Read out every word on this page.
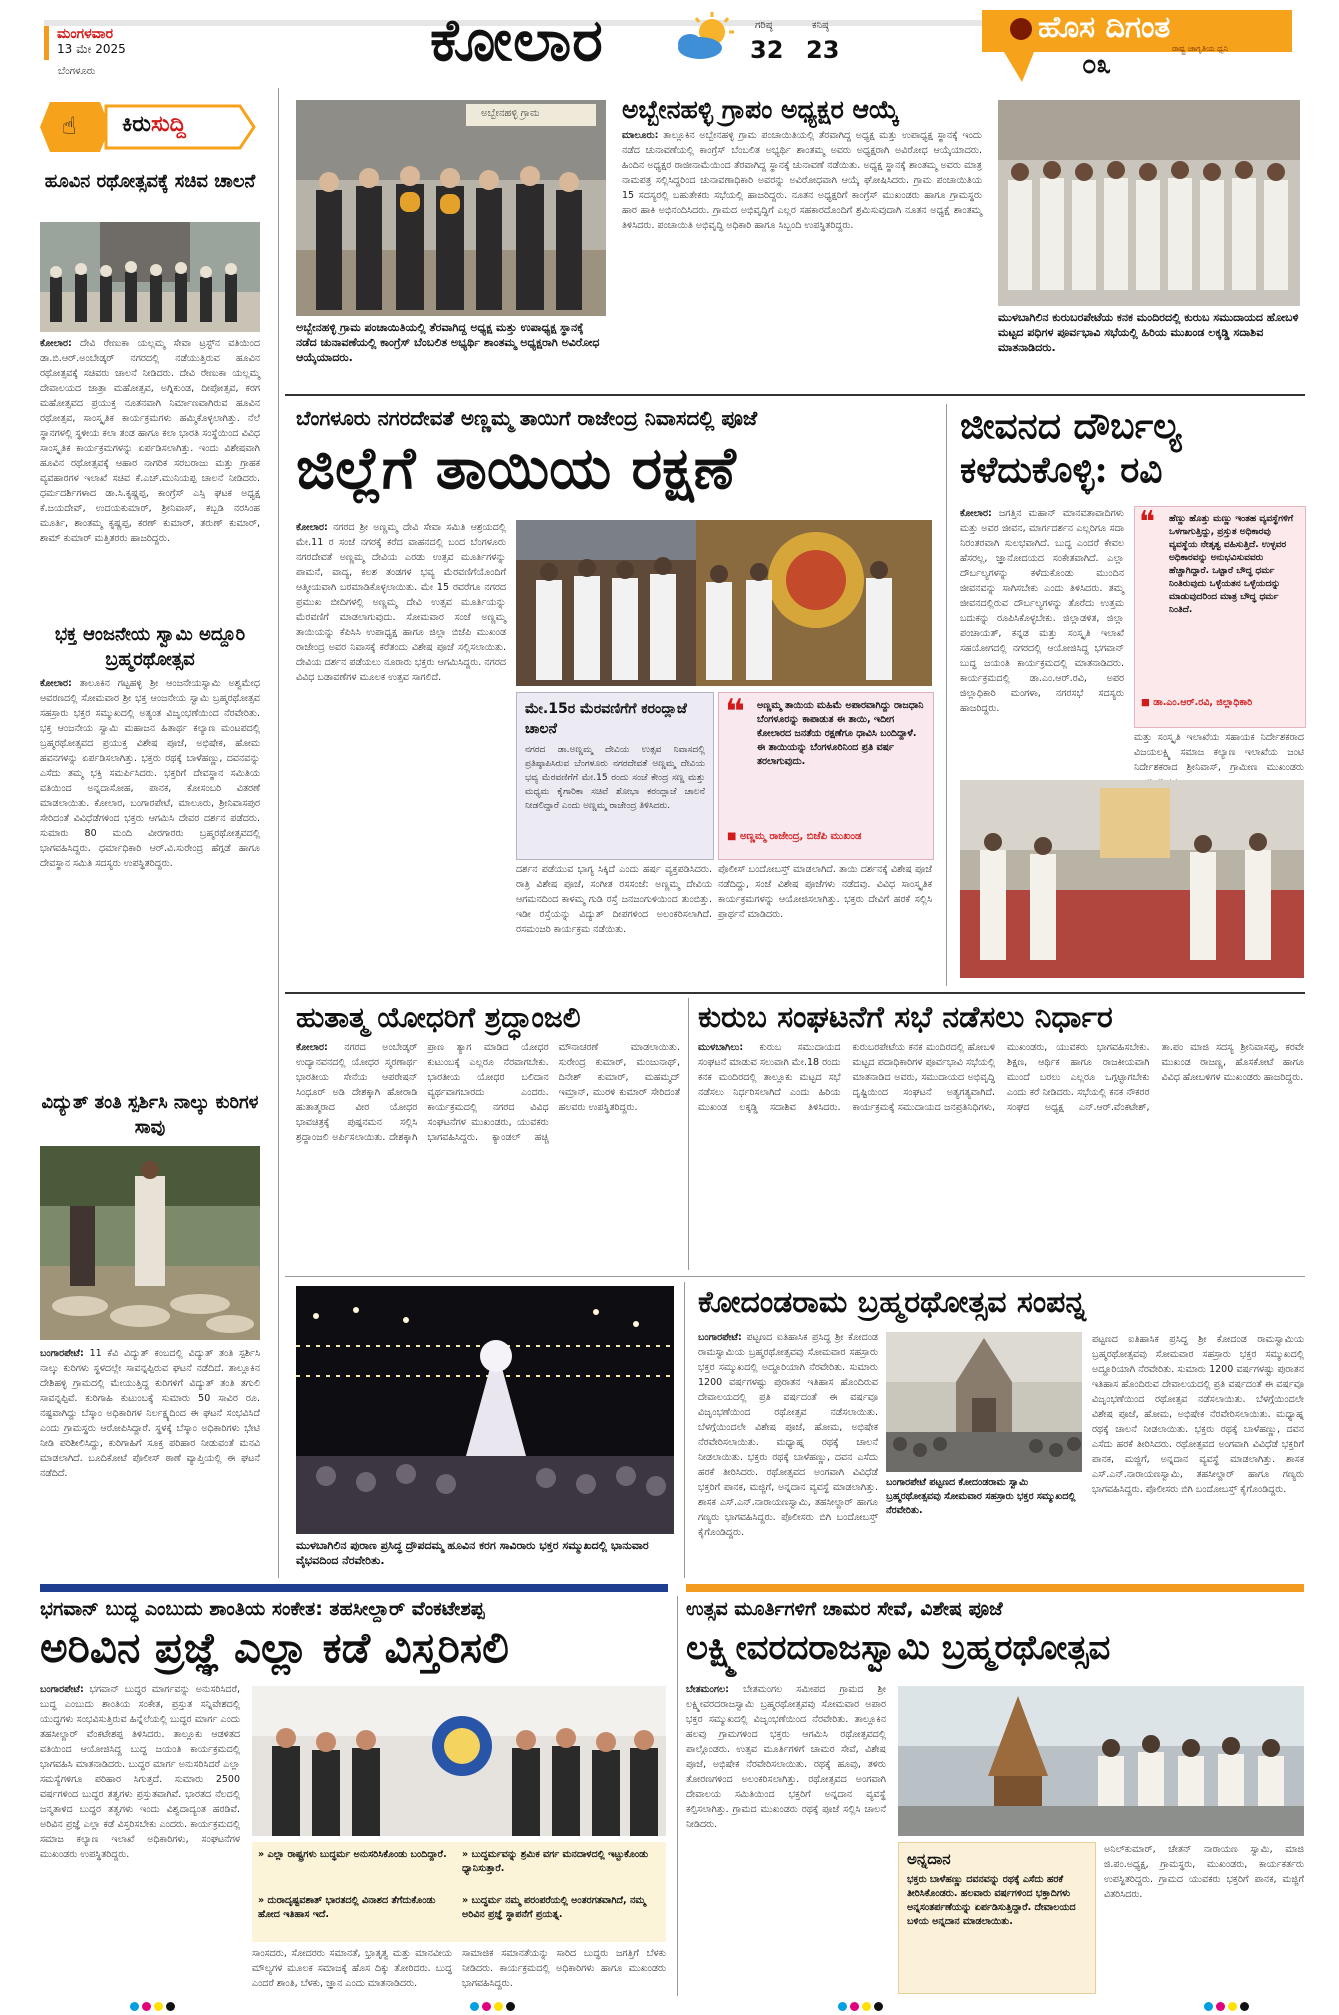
ಮಂಗಳವಾರ
13 ಮೇ 2025
ಬೆಂಗಳೂರು	ಕೋಲಾರ	ಗರಿಷ್ಠ
32
ಕನಿಷ್ಠ
23
ಹೊಸ ದಿಗಂತ
ರಾಷ್ಟ್ರ ಜಾಗೃತಿಯ ಧ್ವನಿ
೦೩
☝ ಕಿರುಸುದ್ದಿ
ಹೂವಿನ ರಥೋತ್ಸವಕ್ಕೆ ಸಚಿವ ಚಾಲನೆ
ಕೋಲಾರ: ದೇವಿ ರೇಣುಕಾ ಯಲ್ಲಮ್ಮ ಸೇವಾ ಟ್ರಸ್ಟ್‌ನ ವತಿಯಿಂದ ಡಾ.ಬಿ.ಆರ್.ಅಂಬೇಡ್ಕರ್ ನಗರದಲ್ಲಿ ನಡೆಯುತ್ತಿರುವ ಹೂವಿನ ರಥೋತ್ಸವಕ್ಕೆ ಸಚಿವರು ಚಾಲನೆ ನೀಡಿದರು. ದೇವಿ ರೇಣುಕಾ ಯಲ್ಲಮ್ಮ ದೇವಾಲಯದ ಜಾತ್ರಾ ಮಹೋತ್ಸವ, ಅಗ್ನಿಕುಂಡ, ದೀಪೋತ್ಸವ, ಕರಗ ಮಹೋತ್ಸವದ ಪ್ರಯುಕ್ತ ನೂತನವಾಗಿ ನಿರ್ಮಾಣವಾಗಿರುವ ಹೂವಿನ ರಥೋತ್ಸವ, ಸಾಂಸ್ಕೃತಿಕ ಕಾರ್ಯಕ್ರಮಗಳು ಹಮ್ಮಿಕೊಳ್ಳಲಾಗಿತ್ತು. ನೆಲೆ ಸ್ಥಾನಗಳಲ್ಲಿ ಸ್ಥಳೀಯ ಕಲಾ ತಂಡ ಹಾಗೂ ಕಲಾ ಭಾರತಿ ಸಂಸ್ಥೆಯಿಂದ ವಿವಿಧ ಸಾಂಸ್ಕೃತಿಕ ಕಾರ್ಯಕ್ರಮಗಳನ್ನು ಏರ್ಪಡಿಸಲಾಗಿತ್ತು. ಇಂದು ವಿಶೇಷವಾಗಿ ಹೂವಿನ ರಥೋತ್ಸವಕ್ಕೆ ಆಹಾರ ನಾಗರಿಕ ಸರಬರಾಜು ಮತ್ತು ಗ್ರಾಹಕ ವ್ಯವಹಾರಗಳ ಇಲಾಖೆ ಸಚಿವ ಕೆ.ಎಚ್.ಮುನಿಯಪ್ಪ ಚಾಲನೆ ನೀಡಿದರು. ಧರ್ಮದರ್ಶಿಗಳಾದ ಡಾ.ಸಿ.ಕೃಷ್ಣಪ್ಪ, ಕಾಂಗ್ರೆಸ್ ಎಸ್ಸಿ ಘಟಕ ಅಧ್ಯಕ್ಷ ಕೆ.ಜಯದೇವ್, ಉದಯಕುಮಾರ್, ಶ್ರೀನಿವಾಸ್, ಕಬ್ಬಡಿ ನರಸಿಂಹ ಮೂರ್ತಿ, ಶಾಂತಮ್ಮ ಕೃಷ್ಣಪ್ಪ, ಕರಣ್ ಕುಮಾರ್, ತರುಣ್ ಕುಮಾರ್, ಶಾಮ್ ಕುಮಾರ್ ಮತ್ತಿತರರು ಹಾಜರಿದ್ದರು.
ಭಕ್ತ ಆಂಜನೇಯ ಸ್ವಾಮಿ ಅದ್ದೂರಿ ಬ್ರಹ್ಮರಥೋತ್ಸವ
ಕೋಲಾರ: ತಾಲೂಕಿನ ಗಟ್ಟಹಳ್ಳಿ ಶ್ರೀ ಆಂಜನೇಯಸ್ವಾಮಿ ಅಶ್ವಮೇಧ ಆವರಣದಲ್ಲಿ ಸೋಮವಾರ ಶ್ರೀ ಭಕ್ತ ಆಂಜನೇಯ ಸ್ವಾಮಿ ಬ್ರಹ್ಮರಥೋತ್ಸವ ಸಹಸ್ರಾರು ಭಕ್ತರ ಸಮ್ಮುಖದಲ್ಲಿ ಅತ್ಯಂತ ವಿಜೃಂಭಣೆಯಿಂದ ನೆರವೇರಿತು. ಭಕ್ತ ಆಂಜನೇಯ ಸ್ವಾಮಿ ಮಹಾಜನ ಹಿತಾರ್ಥ ಕಲ್ಯಾಣ ಮಂಟಪದಲ್ಲಿ ಬ್ರಹ್ಮರಥೋತ್ಸವದ ಪ್ರಯುಕ್ತ ವಿಶೇಷ ಪೂಜೆ, ಅಭಿಷೇಕ, ಹೋಮ ಹವನಗಳನ್ನು ಏರ್ಪಡಿಸಲಾಗಿತ್ತು. ಭಕ್ತರು ರಥಕ್ಕೆ ಬಾಳೆಹಣ್ಣು, ದವನವನ್ನು ಎಸೆದು ತಮ್ಮ ಭಕ್ತಿ ಸಮರ್ಪಿಸಿದರು. ಭಕ್ತರಿಗೆ ದೇವಸ್ಥಾನ ಸಮಿತಿಯ ವತಿಯಿಂದ ಅನ್ನದಾಸೋಹ, ಪಾನಕ, ಕೋಸಂಬರಿ ವಿತರಣೆ ಮಾಡಲಾಯಿತು. ಕೋಲಾರ, ಬಂಗಾರಪೇಟೆ, ಮಾಲೂರು, ಶ್ರೀನಿವಾಸಪುರ ಸೇರಿದಂತೆ ವಿವಿಧೆಡೆಗಳಿಂದ ಭಕ್ತರು ಆಗಮಿಸಿ ದೇವರ ದರ್ಶನ ಪಡೆದರು. ಸುಮಾರು 80 ಮಂದಿ ವೀರಗಾರರು ಬ್ರಹ್ಮರಥೋತ್ಸವದಲ್ಲಿ ಭಾಗವಹಿಸಿದ್ದರು. ಧರ್ಮಾಧಿಕಾರಿ ಆರ್.ವಿ.ಸುರೇಂದ್ರ ಹೆಗ್ಗಡೆ ಹಾಗೂ ದೇವಸ್ಥಾನ ಸಮಿತಿ ಸದಸ್ಯರು ಉಪಸ್ಥಿತರಿದ್ದರು.
ವಿದ್ಯುತ್ ತಂತಿ ಸ್ಪರ್ಶಿಸಿ ನಾಲ್ಕು ಕುರಿಗಳ ಸಾವು
ಬಂಗಾರಪೇಟೆ: 11 ಕೆವಿ ವಿದ್ಯುತ್ ಕಂಬದಲ್ಲಿ ವಿದ್ಯುತ್ ತಂತಿ ಸ್ಪರ್ಶಿಸಿ ನಾಲ್ಕು ಕುರಿಗಳು ಸ್ಥಳದಲ್ಲೇ ಸಾವನ್ನಪ್ಪಿರುವ ಘಟನೆ ನಡೆದಿದೆ. ತಾಲ್ಲೂಕಿನ ದೇಶಿಹಳ್ಳಿ ಗ್ರಾಮದಲ್ಲಿ ಮೇಯುತ್ತಿದ್ದ ಕುರಿಗಳಿಗೆ ವಿದ್ಯುತ್ ತಂತಿ ತಗುಲಿ ಸಾವನ್ನಪ್ಪಿವೆ. ಕುರಿಗಾಹಿ ಕುಟುಂಬಕ್ಕೆ ಸುಮಾರು 50 ಸಾವಿರ ರೂ. ನಷ್ಟವಾಗಿದ್ದು ಬೆಸ್ಕಾಂ ಅಧಿಕಾರಿಗಳ ನಿರ್ಲಕ್ಷ್ಯದಿಂದ ಈ ಘಟನೆ ಸಂಭವಿಸಿದೆ ಎಂದು ಗ್ರಾಮಸ್ಥರು ಆರೋಪಿಸಿದ್ದಾರೆ. ಸ್ಥಳಕ್ಕೆ ಬೆಸ್ಕಾಂ ಅಧಿಕಾರಿಗಳು ಭೇಟಿ ನೀಡಿ ಪರಿಶೀಲಿಸಿದ್ದು, ಕುರಿಗಾಹಿಗೆ ಸೂಕ್ತ ಪರಿಹಾರ ನೀಡುವಂತೆ ಮನವಿ ಮಾಡಲಾಗಿದೆ. ಬೂದಿಕೋಟೆ ಪೊಲೀಸ್ ಠಾಣೆ ವ್ಯಾಪ್ತಿಯಲ್ಲಿ ಈ ಘಟನೆ ನಡೆದಿದೆ.
ಅಬ್ಬೇನಹಳ್ಳಿ ಗ್ರಾಮ
ಅಬ್ಬೇನಹಳ್ಳಿ ಗ್ರಾಮ ಪಂಚಾಯಿತಿಯಲ್ಲಿ ತೆರವಾಗಿದ್ದ ಅಧ್ಯಕ್ಷ ಮತ್ತು ಉಪಾಧ್ಯಕ್ಷ ಸ್ಥಾನಕ್ಕೆ ನಡೆದ ಚುನಾವಣೆಯಲ್ಲಿ ಕಾಂಗ್ರೆಸ್ ಬೆಂಬಲಿತ ಅಭ್ಯರ್ಥಿ ಶಾಂತಮ್ಮ ಅಧ್ಯಕ್ಷರಾಗಿ ಅವಿರೋಧ ಆಯ್ಕೆಯಾದರು.
ಅಬ್ಬೇನಹಳ್ಳಿ ಗ್ರಾಪಂ ಅಧ್ಯಕ್ಷರ ಆಯ್ಕೆ
ಮಾಲೂರು: ತಾಲ್ಲೂಕಿನ ಅಬ್ಬೇನಹಳ್ಳಿ ಗ್ರಾಮ ಪಂಚಾಯಿತಿಯಲ್ಲಿ ತೆರವಾಗಿದ್ದ ಅಧ್ಯಕ್ಷ ಮತ್ತು ಉಪಾಧ್ಯಕ್ಷ ಸ್ಥಾನಕ್ಕೆ ಇಂದು ನಡೆದ ಚುನಾವಣೆಯಲ್ಲಿ ಕಾಂಗ್ರೆಸ್ ಬೆಂಬಲಿತ ಅಭ್ಯರ್ಥಿ ಶಾಂತಮ್ಮ ಅವರು ಅಧ್ಯಕ್ಷರಾಗಿ ಅವಿರೋಧ ಆಯ್ಕೆಯಾದರು. ಹಿಂದಿನ ಅಧ್ಯಕ್ಷರ ರಾಜೀನಾಮೆಯಿಂದ ತೆರವಾಗಿದ್ದ ಸ್ಥಾನಕ್ಕೆ ಚುನಾವಣೆ ನಡೆಯಿತು. ಅಧ್ಯಕ್ಷ ಸ್ಥಾನಕ್ಕೆ ಶಾಂತಮ್ಮ ಅವರು ಮಾತ್ರ ನಾಮಪತ್ರ ಸಲ್ಲಿಸಿದ್ದರಿಂದ ಚುನಾವಣಾಧಿಕಾರಿ ಅವರನ್ನು ಅವಿರೋಧವಾಗಿ ಆಯ್ಕೆ ಘೋಷಿಸಿದರು. ಗ್ರಾಮ ಪಂಚಾಯಿತಿಯ 15 ಸದಸ್ಯರಲ್ಲಿ ಬಹುತೇಕರು ಸಭೆಯಲ್ಲಿ ಹಾಜರಿದ್ದರು. ನೂತನ ಅಧ್ಯಕ್ಷರಿಗೆ ಕಾಂಗ್ರೆಸ್ ಮುಖಂಡರು ಹಾಗೂ ಗ್ರಾಮಸ್ಥರು ಹಾರ ಹಾಕಿ ಅಭಿನಂದಿಸಿದರು. ಗ್ರಾಮದ ಅಭಿವೃದ್ಧಿಗೆ ಎಲ್ಲರ ಸಹಕಾರದೊಂದಿಗೆ ಶ್ರಮಿಸುವುದಾಗಿ ನೂತನ ಅಧ್ಯಕ್ಷೆ ಶಾಂತಮ್ಮ ತಿಳಿಸಿದರು. ಪಂಚಾಯಿತಿ ಅಭಿವೃದ್ಧಿ ಅಧಿಕಾರಿ ಹಾಗೂ ಸಿಬ್ಬಂದಿ ಉಪಸ್ಥಿತರಿದ್ದರು.
ಮುಳಬಾಗಿಲಿನ ಕುರುಬರಪೇಟೆಯ ಕನಕ ಮಂದಿರದಲ್ಲಿ ಕುರುಬ ಸಮುದಾಯದ ಹೋಬಳಿ ಮಟ್ಟದ ಪಧಿಗಳ ಪೂರ್ವಭಾವಿ ಸಭೆಯಲ್ಲಿ ಹಿರಿಯ ಮುಖಂಡ ಲಕ್ಕಡ್ಡಿ ಸದಾಶಿವ ಮಾತನಾಡಿದರು.
ಬೆಂಗಳೂರು ನಗರದೇವತೆ ಅಣ್ಣಮ್ಮ ತಾಯಿಗೆ ರಾಜೇಂದ್ರ ನಿವಾಸದಲ್ಲಿ ಪೂಜೆ
ಜಿಲ್ಲೆಗೆ ತಾಯಿಯ ರಕ್ಷಣೆ
ಕೋಲಾರ: ನಗರದ ಶ್ರೀ ಅಣ್ಣಮ್ಮ ದೇವಿ ಸೇವಾ ಸಮಿತಿ ಆಶ್ರಯದಲ್ಲಿ ಮೇ.11 ರ ಸಂಜೆ ನಗರಕ್ಕೆ ಕರೆದ ವಾಹನದಲ್ಲಿ ಬಂದ ಬೆಂಗಳೂರು ನಗರದೇವತೆ ಅಣ್ಣಮ್ಮ ದೇವಿಯ ಎರಡು ಉತ್ಸವ ಮೂರ್ತಿಗಳನ್ನು ಪಾಮನೆ, ವಾದ್ಯ, ಕಲಶ ತಂಡಗಳ ಭವ್ಯ ಮೆರವಣಿಗೆಯೊಂದಿಗೆ ಆತ್ಮೀಯವಾಗಿ ಬರಮಾಡಿಕೊಳ್ಳಲಾಯಿತು. ಮೇ 15 ರವರೆಗೂ ನಗರದ ಪ್ರಮುಖ ಬೀದಿಗಳಲ್ಲಿ ಅಣ್ಣಮ್ಮ ದೇವಿ ಉತ್ಸವ ಮೂರ್ತಿಯನ್ನು ಮೆರವಣಿಗೆ ಮಾಡಲಾಗುವುದು. ಸೋಮವಾರ ಸಂಜೆ ಅಣ್ಣಮ್ಮ ತಾಯಿಯನ್ನು ಕೆಪಿಸಿಸಿ ಉಪಾಧ್ಯಕ್ಷ ಹಾಗೂ ಜಿಲ್ಲಾ ಬಿಜೆಪಿ ಮುಖಂಡ ರಾಜೇಂದ್ರ ಅವರ ನಿವಾಸಕ್ಕೆ ಕರೆತಂದು ವಿಶೇಷ ಪೂಜೆ ಸಲ್ಲಿಸಲಾಯಿತು. ದೇವಿಯ ದರ್ಶನ ಪಡೆಯಲು ನೂರಾರು ಭಕ್ತರು ಆಗಮಿಸಿದ್ದರು. ನಗರದ ವಿವಿಧ ಬಡಾವಣೆಗಳ ಮೂಲಕ ಉತ್ಸವ ಸಾಗಲಿದೆ.
ಮೇ.15ರ ಮೆರವಣಿಗೆಗೆ ಕರಂದ್ಲಾಜೆ ಚಾಲನೆ
ನಗರದ ಡಾ.ಅಣ್ಣಮ್ಮ ದೇವಿಯ ಉತ್ಸವ ನಿವಾಸದಲ್ಲಿ ಪ್ರತಿಷ್ಠಾಪಿಸಿರುವ ಬೆಂಗಳೂರು ನಗರದೇವತೆ ಅಣ್ಣಮ್ಮ ದೇವಿಯ ಭವ್ಯ ಮೆರವಣಿಗೆಗೆ ಮೇ.15 ರಂದು ಸಂಜೆ ಕೇಂದ್ರ ಸಣ್ಣ ಮತ್ತು ಮಧ್ಯಮ ಕೈಗಾರಿಕಾ ಸಚಿವೆ ಶೋಭಾ ಕರಂದ್ಲಾಜೆ ಚಾಲನೆ ನೀಡಲಿದ್ದಾರೆ ಎಂದು ಅಣ್ಣಮ್ಮ ರಾಜೇಂದ್ರ ತಿಳಿಸಿದರು.
❝ ಅಣ್ಣಮ್ಮ ತಾಯಿಯ ಮಹಿಮೆ ಅಪಾರವಾಗಿದ್ದು ರಾಜಧಾನಿ ಬೆಂಗಳೂರನ್ನು ಕಾಪಾಡುತ ಈ ತಾಯಿ, ಇದೀಗ ಕೋಲಾರದ ಜನತೆಯ ರಕ್ಷಣೆಗೂ ಧಾವಿಸಿ ಬಂದಿದ್ದಾಳೆ. ಈ ತಾಯಿಯನ್ನು ಬೆಂಗಳೂರಿನಿಂದ ಪ್ರತಿ ವರ್ಷ ತರಲಾಗುವುದು.
■ ಅಣ್ಣಮ್ಮ ರಾಜೇಂದ್ರ, ಬಿಜೆಪಿ ಮುಖಂಡ
ದರ್ಶನ ಪಡೆಯುವ ಭಾಗ್ಯ ಸಿಕ್ಕಿದೆ ಎಂದು ಹರ್ಷ ವ್ಯಕ್ತಪಡಿಸಿದರು. ರಾತ್ರಿ ವಿಶೇಷ ಪೂಜೆ, ಸಂಗೀತ ರಸಸಂಜೆ: ಅಣ್ಣಮ್ಮ ದೇವಿಯ ಆಗಮನದಿಂದ ಕಾಳಮ್ಮ ಗುಡಿ ರಸ್ತೆ ಜನಜಂಗುಳಿಯಿಂದ ತುಂಬಿತ್ತು. ಇಡೀ ರಸ್ತೆಯನ್ನು ವಿದ್ಯುತ್ ದೀಪಗಳಿಂದ ಅಲಂಕರಿಸಲಾಗಿದೆ. ರಸಮಂಜರಿ ಕಾರ್ಯಕ್ರಮ ನಡೆಯಿತು.
ಪೊಲೀಸ್ ಬಂದೋಬಸ್ತ್ ಮಾಡಲಾಗಿದೆ. ತಾಯಿ ದರ್ಶನಕ್ಕೆ ವಿಶೇಷ ಪೂಜೆ ನಡೆದಿದ್ದು, ಸಂಜೆ ವಿಶೇಷ ಪೂಜೆಗಳು ನಡೆದವು. ವಿವಿಧ ಸಾಂಸ್ಕೃತಿಕ ಕಾರ್ಯಕ್ರಮಗಳನ್ನು ಆಯೋಜಿಸಲಾಗಿತ್ತು. ಭಕ್ತರು ದೇವಿಗೆ ಹರಕೆ ಸಲ್ಲಿಸಿ ಪ್ರಾರ್ಥನೆ ಮಾಡಿದರು.
ಜೀವನದ ದೌರ್ಬಲ್ಯ ಕಳೆದುಕೊಳ್ಳಿ: ರವಿ
ಕೋಲಾರ: ಜಗತ್ತಿನ ಮಹಾನ್ ಮಾನವತಾವಾದಿಗಳು ಮತ್ತು ಅವರ ಜೀವನ, ಮಾರ್ಗದರ್ಶನ ಎಲ್ಲರಿಗೂ ಸದಾ ನಿರಂತರವಾಗಿ ಸುಲಭವಾಗಿದೆ. ಬುದ್ಧ ಎಂದರೆ ಕೇವಲ ಹೆಸರಲ್ಲ, ಜ್ಞಾನೋದಯದ ಸಂಕೇತವಾಗಿದೆ. ಎಲ್ಲಾ ದೌರ್ಬಲ್ಯಗಳನ್ನು ಕಳೆದುಕೊಂಡು ಮುಂದಿನ ಜೀವನವನ್ನು ಸಾಗಿಸಬೇಕು ಎಂದು ತಿಳಿಸಿದರು. ತಮ್ಮ ಜೀವನದಲ್ಲಿರುವ ದೌರ್ಬಲ್ಯಗಳನ್ನು ತೊರೆದು ಉತ್ತಮ ಬದುಕನ್ನು ರೂಪಿಸಿಕೊಳ್ಳಬೇಕು. ಜಿಲ್ಲಾಡಳಿತ, ಜಿಲ್ಲಾ ಪಂಚಾಯತ್, ಕನ್ನಡ ಮತ್ತು ಸಂಸ್ಕೃತಿ ಇಲಾಖೆ ಸಹಯೋಗದಲ್ಲಿ ನಗರದಲ್ಲಿ ಆಯೋಜಿಸಿದ್ದ ಭಗವಾನ್ ಬುದ್ಧ ಜಯಂತಿ ಕಾರ್ಯಕ್ರಮದಲ್ಲಿ ಮಾತನಾಡಿದರು. ಕಾರ್ಯಕ್ರಮದಲ್ಲಿ ಡಾ.ಎಂ.ಆರ್.ರವಿ, ಅಪರ ಜಿಲ್ಲಾಧಿಕಾರಿ ಮಂಗಳಾ, ನಗರಸಭೆ ಸದಸ್ಯರು ಹಾಜರಿದ್ದರು.
❝ ಹೆಣ್ಣು ಹೊತ್ತು ಮಣ್ಣು ಇಂತಹ ವ್ಯವಸ್ಥೆಗಳಿಗೆ ಒಳಗಾಗುತ್ತಿದ್ದು, ಪ್ರಸ್ತುತ ಅಧಿಕಾರವು ವ್ಯವಸ್ಥೆಯ ನೇತೃತ್ವ ವಹಿಸುತ್ತಿದೆ. ಉಳ್ಳವರ ಅಧಿಕಾರವನ್ನು ಅನುಭವಿಸುವವರು ಹೆಚ್ಚಾಗಿದ್ದಾರೆ. ಒಟ್ಟಾರೆ ಬೌದ್ಧ ಧರ್ಮ ನಿಂತಿರುವುದು ಒಳ್ಳೆಯತನ ಒಳ್ಳೆಯದನ್ನು ಮಾಡುವುದರಿಂದ ಮಾತ್ರ ಬೌದ್ಧ ಧರ್ಮ ನಿಂತಿದೆ.
■ ಡಾ.ಎಂ.ಆರ್.ರವಿ, ಜಿಲ್ಲಾಧಿಕಾರಿ
ಮತ್ತು ಸಂಸ್ಕೃತಿ ಇಲಾಖೆಯ ಸಹಾಯಕ ನಿರ್ದೇಶಕರಾದ ವಿಜಯಲಕ್ಷ್ಮಿ ಸಮಾಜ ಕಲ್ಯಾಣ ಇಲಾಖೆಯ ಜಂಟಿ ನಿರ್ದೇಶಕರಾದ ಶ್ರೀನಿವಾಸ್, ಗ್ರಾಮೀಣ ಮುಖಂಡರು
ಹುತಾತ್ಮ ಯೋಧರಿಗೆ ಶ್ರದ್ಧಾಂಜಲಿ
ಕೋಲಾರ: ನಗರದ ಅಂಬೇಡ್ಕರ್ ಉದ್ಯಾನವನದಲ್ಲಿ ಯೋಧರ ಸ್ಮರಣಾರ್ಥ ಭಾರತೀಯ ಸೇನೆಯ ಆಪರೇಷನ್ ಸಿಂಧೂರ್ ಅಡಿ ದೇಶಕ್ಕಾಗಿ ಹೋರಾಡಿ ಹುತಾತ್ಮರಾದ ವೀರ ಯೋಧರ ಭಾವಚಿತ್ರಕ್ಕೆ ಪುಷ್ಪನಮನ ಸಲ್ಲಿಸಿ ಶ್ರದ್ಧಾಂಜಲಿ ಅರ್ಪಿಸಲಾಯಿತು. ದೇಶಕ್ಕಾಗಿ ಪ್ರಾಣ ತ್ಯಾಗ ಮಾಡಿದ ಯೋಧರ ಕುಟುಂಬಕ್ಕೆ ಎಲ್ಲರೂ ನೆರವಾಗಬೇಕು. ಭಾರತೀಯ ಯೋಧರ ಬಲಿದಾನ ವ್ಯರ್ಥವಾಗಬಾರದು ಎಂದರು. ಕಾರ್ಯಕ್ರಮದಲ್ಲಿ ನಗರದ ವಿವಿಧ ಸಂಘಟನೆಗಳ ಮುಖಂಡರು, ಯುವಕರು ಭಾಗವಹಿಸಿದ್ದರು. ಕ್ಯಾಂಡಲ್ ಹಚ್ಚಿ ಮೌನಾಚರಣೆ ಮಾಡಲಾಯಿತು. ಸುರೇಂದ್ರ ಕುಮಾರ್, ಮಂಜುನಾಥ್, ದಿನೇಶ್ ಕುಮಾರ್, ಮಹಮ್ಮದ್ ಇಮ್ರಾನ್, ಮುರಳಿ ಕುಮಾರ್ ಸೇರಿದಂತೆ ಹಲವರು ಉಪಸ್ಥಿತರಿದ್ದರು.
ಕುರುಬ ಸಂಘಟನೆಗೆ ಸಭೆ ನಡೆಸಲು ನಿರ್ಧಾರ
ಮುಳಬಾಗಿಲು: ಕುರುಬ ಸಮುದಾಯದ ಸಂಘಟನೆ ಮಾಡುವ ಸಲುವಾಗಿ ಮೇ.18 ರಂದು ಕನಕ ಮಂದಿರದಲ್ಲಿ ತಾಲ್ಲೂಕು ಮಟ್ಟದ ಸಭೆ ನಡೆಸಲು ನಿರ್ಧರಿಸಲಾಗಿದೆ ಎಂದು ಹಿರಿಯ ಮುಖಂಡ ಲಕ್ಕಡ್ಡಿ ಸದಾಶಿವ ತಿಳಿಸಿದರು. ಕುರುಬರಪೇಟೆಯ ಕನಕ ಮಂದಿರದಲ್ಲಿ ಹೋಬಳಿ ಮಟ್ಟದ ಪದಾಧಿಕಾರಿಗಳ ಪೂರ್ವಭಾವಿ ಸಭೆಯಲ್ಲಿ ಮಾತನಾಡಿದ ಅವರು, ಸಮುದಾಯದ ಅಭಿವೃದ್ಧಿ ದೃಷ್ಟಿಯಿಂದ ಸಂಘಟನೆ ಅತ್ಯಗತ್ಯವಾಗಿದೆ. ಕಾರ್ಯಕ್ರಮಕ್ಕೆ ಸಮುದಾಯದ ಜನಪ್ರತಿನಿಧಿಗಳು, ಮುಖಂಡರು, ಯುವಕರು ಭಾಗವಹಿಸಬೇಕು. ಶಿಕ್ಷಣ, ಆರ್ಥಿಕ ಹಾಗೂ ರಾಜಕೀಯವಾಗಿ ಮುಂದೆ ಬರಲು ಎಲ್ಲರೂ ಒಗ್ಗಟ್ಟಾಗಬೇಕು ಎಂದು ಕರೆ ನೀಡಿದರು. ಸಭೆಯಲ್ಲಿ ಕನಕ ನೌಕರರ ಸಂಘದ ಅಧ್ಯಕ್ಷ ಎನ್.ಆರ್.ವೆಂಕಟೇಶ್, ತಾ.ಪಂ ಮಾಜಿ ಸದಸ್ಯ ಶ್ರೀನಿವಾಸಪ್ಪ, ಕರವೇ ಮುಖಂಡ ರಾಜಣ್ಣ, ಹೊಸಕೋಟೆ ಹಾಗೂ ವಿವಿಧ ಹೋಬಳಿಗಳ ಮುಖಂಡರು ಹಾಜರಿದ್ದರು.
ಮುಳಬಾಗಿಲಿನ ಪುರಾಣ ಪ್ರಸಿದ್ಧ ದ್ರೌಪದಮ್ಮ ಹೂವಿನ ಕರಗ ಸಾವಿರಾರು ಭಕ್ತರ ಸಮ್ಮುಖದಲ್ಲಿ ಭಾನುವಾರ ವೈಭವದಿಂದ ನೆರವೇರಿತು.
ಕೋದಂಡರಾಮ ಬ್ರಹ್ಮರಥೋತ್ಸವ ಸಂಪನ್ನ
ಬಂಗಾರಪೇಟೆ: ಪಟ್ಟಣದ ಐತಿಹಾಸಿಕ ಪ್ರಸಿದ್ಧ ಶ್ರೀ ಕೋದಂಡ ರಾಮಸ್ವಾಮಿಯ ಬ್ರಹ್ಮರಥೋತ್ಸವವು ಸೋಮವಾರ ಸಹಸ್ರಾರು ಭಕ್ತರ ಸಮ್ಮುಖದಲ್ಲಿ ಅದ್ದೂರಿಯಾಗಿ ನೆರವೇರಿತು. ಸುಮಾರು 1200 ವರ್ಷಗಳಷ್ಟು ಪುರಾತನ ಇತಿಹಾಸ ಹೊಂದಿರುವ ದೇವಾಲಯದಲ್ಲಿ ಪ್ರತಿ ವರ್ಷದಂತೆ ಈ ವರ್ಷವೂ ವಿಜೃಂಭಣೆಯಿಂದ ರಥೋತ್ಸವ ನಡೆಸಲಾಯಿತು. ಬೆಳಗ್ಗೆಯಿಂದಲೇ ವಿಶೇಷ ಪೂಜೆ, ಹೋಮ, ಅಭಿಷೇಕ ನೆರವೇರಿಸಲಾಯಿತು. ಮಧ್ಯಾಹ್ನ ರಥಕ್ಕೆ ಚಾಲನೆ ನೀಡಲಾಯಿತು. ಭಕ್ತರು ರಥಕ್ಕೆ ಬಾಳೆಹಣ್ಣು, ದವನ ಎಸೆದು ಹರಕೆ ತೀರಿಸಿದರು. ರಥೋತ್ಸವದ ಅಂಗವಾಗಿ ವಿವಿಧೆಡೆ ಭಕ್ತರಿಗೆ ಪಾನಕ, ಮಜ್ಜಿಗೆ, ಅನ್ನದಾನ ವ್ಯವಸ್ಥೆ ಮಾಡಲಾಗಿತ್ತು. ಶಾಸಕ ಎಸ್.ಎನ್.ನಾರಾಯಣಸ್ವಾಮಿ, ತಹಸೀಲ್ದಾರ್ ಹಾಗೂ ಗಣ್ಯರು ಭಾಗವಹಿಸಿದ್ದರು. ಪೊಲೀಸರು ಬಿಗಿ ಬಂದೋಬಸ್ತ್ ಕೈಗೊಂಡಿದ್ದರು.
ಬಂಗಾರಪೇಟೆ ಪಟ್ಟಣದ ಕೋದಂಡರಾಮ ಸ್ವಾಮಿ ಬ್ರಹ್ಮರಥೋತ್ಸವವು ಸೋಮವಾರ ಸಹಸ್ರಾರು ಭಕ್ತರ ಸಮ್ಮುಖದಲ್ಲಿ ನೆರವೇರಿತು.
ಪಟ್ಟಣದ ಐತಿಹಾಸಿಕ ಪ್ರಸಿದ್ಧ ಶ್ರೀ ಕೋದಂಡ ರಾಮಸ್ವಾಮಿಯ ಬ್ರಹ್ಮರಥೋತ್ಸವವು ಸೋಮವಾರ ಸಹಸ್ರಾರು ಭಕ್ತರ ಸಮ್ಮುಖದಲ್ಲಿ ಅದ್ದೂರಿಯಾಗಿ ನೆರವೇರಿತು. ಸುಮಾರು 1200 ವರ್ಷಗಳಷ್ಟು ಪುರಾತನ ಇತಿಹಾಸ ಹೊಂದಿರುವ ದೇವಾಲಯದಲ್ಲಿ ಪ್ರತಿ ವರ್ಷದಂತೆ ಈ ವರ್ಷವೂ ವಿಜೃಂಭಣೆಯಿಂದ ರಥೋತ್ಸವ ನಡೆಸಲಾಯಿತು. ಬೆಳಗ್ಗೆಯಿಂದಲೇ ವಿಶೇಷ ಪೂಜೆ, ಹೋಮ, ಅಭಿಷೇಕ ನೆರವೇರಿಸಲಾಯಿತು. ಮಧ್ಯಾಹ್ನ ರಥಕ್ಕೆ ಚಾಲನೆ ನೀಡಲಾಯಿತು. ಭಕ್ತರು ರಥಕ್ಕೆ ಬಾಳೆಹಣ್ಣು, ದವನ ಎಸೆದು ಹರಕೆ ತೀರಿಸಿದರು. ರಥೋತ್ಸವದ ಅಂಗವಾಗಿ ವಿವಿಧೆಡೆ ಭಕ್ತರಿಗೆ ಪಾನಕ, ಮಜ್ಜಿಗೆ, ಅನ್ನದಾನ ವ್ಯವಸ್ಥೆ ಮಾಡಲಾಗಿತ್ತು. ಶಾಸಕ ಎಸ್.ಎನ್.ನಾರಾಯಣಸ್ವಾಮಿ, ತಹಸೀಲ್ದಾರ್ ಹಾಗೂ ಗಣ್ಯರು ಭಾಗವಹಿಸಿದ್ದರು. ಪೊಲೀಸರು ಬಿಗಿ ಬಂದೋಬಸ್ತ್ ಕೈಗೊಂಡಿದ್ದರು.
ಭಗವಾನ್ ಬುದ್ಧ ಎಂಬುದು ಶಾಂತಿಯ ಸಂಕೇತ: ತಹಸೀಲ್ದಾರ್ ವೆಂಕಟೇಶಪ್ಪ
ಅರಿವಿನ ಪ್ರಜ್ಞೆ ಎಲ್ಲಾ ಕಡೆ ವಿಸ್ತರಿಸಲಿ
ಬಂಗಾರಪೇಟೆ: ಭಗವಾನ್ ಬುದ್ಧರ ಮಾರ್ಗವನ್ನು ಅನುಸರಿಸಿದರೆ, ಬುದ್ಧ ಎಂಬುದು ಶಾಂತಿಯ ಸಂಕೇತ, ಪ್ರಸ್ತುತ ಸನ್ನಿವೇಶದಲ್ಲಿ ಯುದ್ಧಗಳು ಸಂಭವಿಸುತ್ತಿರುವ ಹಿನ್ನೆಲೆಯಲ್ಲಿ ಬುದ್ಧರ ಮಾರ್ಗ ಎಂದು ತಹಸೀಲ್ದಾರ್ ವೆಂಕಟೇಶಪ್ಪ ತಿಳಿಸಿದರು. ತಾಲ್ಲೂಕು ಆಡಳಿತದ ವತಿಯಿಂದ ಆಯೋಜಿಸಿದ್ದ ಬುದ್ಧ ಜಯಂತಿ ಕಾರ್ಯಕ್ರಮದಲ್ಲಿ ಭಾಗವಹಿಸಿ ಮಾತನಾಡಿದರು. ಬುದ್ಧರ ಮಾರ್ಗ ಅನುಸರಿಸಿದರೆ ಎಲ್ಲಾ ಸಮಸ್ಯೆಗಳಿಗೂ ಪರಿಹಾರ ಸಿಗುತ್ತದೆ. ಸುಮಾರು 2500 ವರ್ಷಗಳಿಂದ ಬುದ್ಧರ ತತ್ವಗಳು ಪ್ರಸ್ತುತವಾಗಿವೆ. ಭಾರತದ ನೆಲದಲ್ಲಿ ಜನ್ಮತಾಳಿದ ಬುದ್ಧರ ತತ್ವಗಳು ಇಂದು ವಿಶ್ವದಾದ್ಯಂತ ಹರಡಿವೆ. ಅರಿವಿನ ಪ್ರಜ್ಞೆ ಎಲ್ಲಾ ಕಡೆ ವಿಸ್ತರಿಸಬೇಕು ಎಂದರು. ಕಾರ್ಯಕ್ರಮದಲ್ಲಿ ಸಮಾಜ ಕಲ್ಯಾಣ ಇಲಾಖೆ ಅಧಿಕಾರಿಗಳು, ಸಂಘಟನೆಗಳ ಮುಖಂಡರು ಉಪಸ್ಥಿತರಿದ್ದರು.	» ಎಲ್ಲಾ ರಾಷ್ಟ್ರಗಳು ಬುದ್ಧರ್ಮ ಅನುಸರಿಸಿಕೊಂಡು ಬಂದಿದ್ದಾರೆ.	» ಬುದ್ಧರ್ಮವನ್ನು ಶ್ರಮಿಕ ವರ್ಗ ಮನದಾಳದಲ್ಲಿ ಇಟ್ಟುಕೊಂಡು ಧ್ಯಾನಿಸುತ್ತಾರೆ.
» ದುರಾದೃಷ್ಟವಶಾತ್ ಭಾರತದಲ್ಲಿ ವಿನಾಶದ ತೆಗೆದುಕೊಂಡು ಹೋದ ಇತಿಹಾಸ ಇದೆ.
» ಬುದ್ಧರ್ಮ ನಮ್ಮ ಪರಂಪರೆಯಲ್ಲಿ ಅಂತರಗತವಾಗಿದೆ, ನಮ್ಮ ಅರಿವಿನ ಪ್ರಜ್ಞೆ ಸ್ಥಾಪನೆಗೆ ಪ್ರಯತ್ನ.
ಸಾಂಸದರು, ಸೋದರರು ಸಮಾನತೆ, ಭ್ರಾತೃತ್ವ ಮತ್ತು ಮಾನವೀಯ ಮೌಲ್ಯಗಳ ಮೂಲಕ ಸಮಾಜಕ್ಕೆ ಹೊಸ ದಿಕ್ಕು ತೋರಿದರು. ಬುದ್ಧ ಎಂದರೆ ಶಾಂತಿ, ಬೆಳಕು, ಜ್ಞಾನ ಎಂದು ಮಾತನಾಡಿದರು.
ಸಾಮಾಜಿಕ ಸಮಾನತೆಯನ್ನು ಸಾರಿದ ಬುದ್ಧರು ಜಗತ್ತಿಗೆ ಬೆಳಕು ನೀಡಿದರು. ಕಾರ್ಯಕ್ರಮದಲ್ಲಿ ಅಧಿಕಾರಿಗಳು ಹಾಗೂ ಮುಖಂಡರು ಭಾಗವಹಿಸಿದ್ದರು.
ಉತ್ಸವ ಮೂರ್ತಿಗಳಿಗೆ ಚಾಮರ ಸೇವೆ, ವಿಶೇಷ ಪೂಜೆ
ಲಕ್ಷ್ಮೀವರದರಾಜಸ್ವಾಮಿ ಬ್ರಹ್ಮರಥೋತ್ಸವ
ಬೇತಮಂಗಲ: ಬೇತಮಂಗಲ ಸಮೀಪದ ಗ್ರಾಮದ ಶ್ರೀ ಲಕ್ಷ್ಮೀವರದರಾಜಸ್ವಾಮಿ ಬ್ರಹ್ಮರಥೋತ್ಸವವು ಸೋಮವಾರ ಅಪಾರ ಭಕ್ತರ ಸಮ್ಮುಖದಲ್ಲಿ ವಿಜೃಂಭಣೆಯಿಂದ ನೆರವೇರಿತು. ತಾಲ್ಲೂಕಿನ ಹಲವು ಗ್ರಾಮಗಳಿಂದ ಭಕ್ತರು ಆಗಮಿಸಿ ರಥೋತ್ಸವದಲ್ಲಿ ಪಾಲ್ಗೊಂಡರು. ಉತ್ಸವ ಮೂರ್ತಿಗಳಿಗೆ ಚಾಮರ ಸೇವೆ, ವಿಶೇಷ ಪೂಜೆ, ಅಭಿಷೇಕ ನೆರವೇರಿಸಲಾಯಿತು. ರಥಕ್ಕೆ ಹೂವು, ತಳಿರು ತೋರಣಗಳಿಂದ ಅಲಂಕರಿಸಲಾಗಿತ್ತು. ರಥೋತ್ಸವದ ಅಂಗವಾಗಿ ದೇವಾಲಯ ಸಮಿತಿಯಿಂದ ಭಕ್ತರಿಗೆ ಅನ್ನದಾನ ವ್ಯವಸ್ಥೆ ಕಲ್ಪಿಸಲಾಗಿತ್ತು. ಗ್ರಾಮದ ಮುಖಂಡರು ರಥಕ್ಕೆ ಪೂಜೆ ಸಲ್ಲಿಸಿ ಚಾಲನೆ ನೀಡಿದರು.
ಅನ್ನದಾನ
ಭಕ್ತರು ಬಾಳೆಹಣ್ಣು ದವನವನ್ನು ರಥಕ್ಕೆ ಎಸೆದು ಹರಕೆ ತೀರಿಸಿಕೊಂಡರು. ಹಲವಾರು ವರ್ಷಗಳಿಂದ ಭಕ್ತಾದಿಗಳು ಅನ್ನಸಂತರ್ಪಣೆಯನ್ನು ಏರ್ಪಡಿಸುತ್ತಿದ್ದಾರೆ. ದೇವಾಲಯದ ಬಳಿಯ ಅನ್ನದಾನ ಮಾಡಲಾಯಿತು.
ಅನಿಲ್‌ಕುಮಾರ್, ಚೇತನ್ ನಾರಾಯಣ ಸ್ವಾಮಿ, ಮಾಜಿ ಜಿ.ಪಂ.ಅಧ್ಯಕ್ಷ, ಗ್ರಾಮಸ್ಥರು, ಮುಖಂಡರು, ಕಾರ್ಯಕರ್ತರು ಉಪಸ್ಥಿತರಿದ್ದರು. ಗ್ರಾಮದ ಯುವಕರು ಭಕ್ತರಿಗೆ ಪಾನಕ, ಮಜ್ಜಿಗೆ ವಿತರಿಸಿದರು.
